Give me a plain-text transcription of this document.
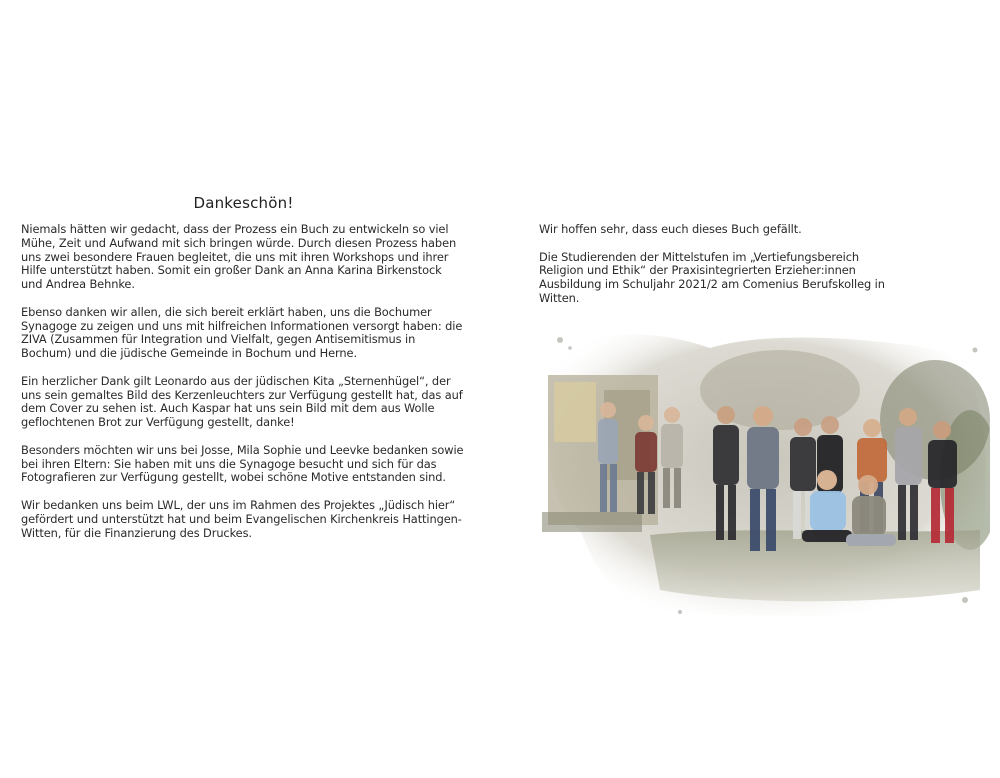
Dankeschön!

Niemals hätten wir gedacht, dass der Prozess ein Buch zu entwickeln so viel Mühe, Zeit und Aufwand mit sich bringen würde. Durch diesen Prozess haben uns zwei besondere Frauen begleitet, die uns mit ihren Workshops und ihrer Hilfe unterstützt haben. Somit ein großer Dank an Anna Karina Birkenstock und Andrea Behnke.

Ebenso danken wir allen, die sich bereit erklärt haben, uns die Bochumer Synagoge zu zeigen und uns mit hilfreichen Informationen versorgt haben: die ZIVA (Zusammen für Integration und Vielfalt, gegen Antisemitismus in Bochum) und die jüdische Gemeinde in Bochum und Herne.

Ein herzlicher Dank gilt Leonardo aus der jüdischen Kita „Sternenhügel“, der uns sein gemaltes Bild des Kerzenleuchters zur Verfügung gestellt hat, das auf dem Cover zu sehen ist. Auch Kaspar hat uns sein Bild mit dem aus Wolle geflochtenen Brot zur Verfügung gestellt, danke!

Besonders möchten wir uns bei Josse, Mila Sophie und Leevke bedanken sowie bei ihren Eltern: Sie haben mit uns die Synagoge besucht und sich für das Fotografieren zur Verfügung gestellt, wobei schöne Motive entstanden sind.

Wir bedanken uns beim LWL, der uns im Rahmen des Projektes „Jüdisch hier“ gefördert und unterstützt hat und beim Evangelischen Kirchenkreis Hattingen-Witten, für die Finanzierung des Druckes.

Wir hoffen sehr, dass euch dieses Buch gefällt.

Die Studierenden der Mittelstufen im „Vertiefungsbereich Religion und Ethik“ der Praxisintegrierten Erzieher:innen Ausbildung im Schuljahr 2021/2 am Comenius Berufskolleg in Witten.
